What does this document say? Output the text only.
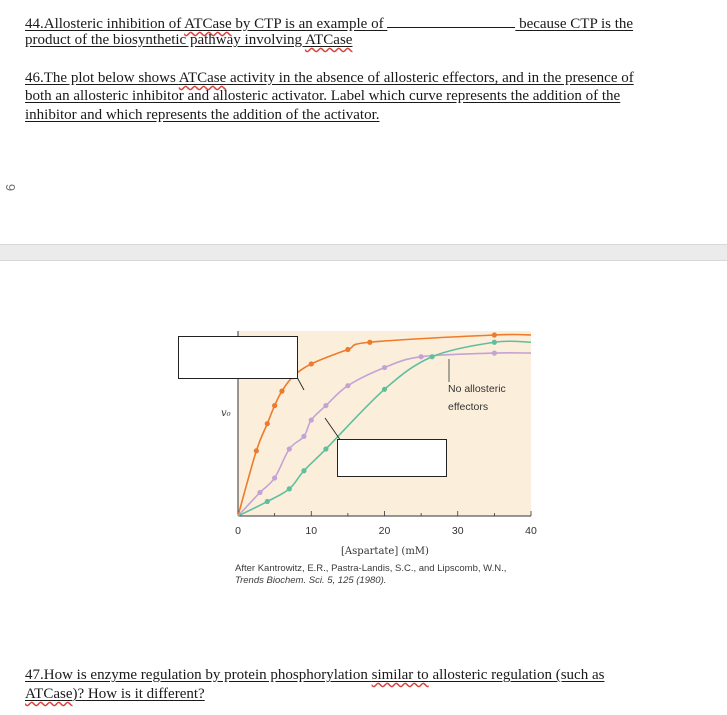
44.Allosteric inhibition of ATCase by CTP is an example of	because CTP is the
product of the biosynthetic pathway involving ATCase
46.The plot below shows ATCase activity in the absence of allosteric effectors, and in the presence of
both an allosteric inhibitor and allosteric activator. Label which curve represents the addition of the
inhibitor and which represents the addition of the activator.
6
0	10	20	30	40
v₀
[Aspartate] (mM)
No allosteric effectors
After Kantrowitz, E.R., Pastra-Landis, S.C., and Lipscomb, W.N.,
Trends Biochem. Sci. 5, 125 (1980).
47.How is enzyme regulation by protein phosphorylation similar to allosteric regulation (such as
ATCase)? How is it different?
